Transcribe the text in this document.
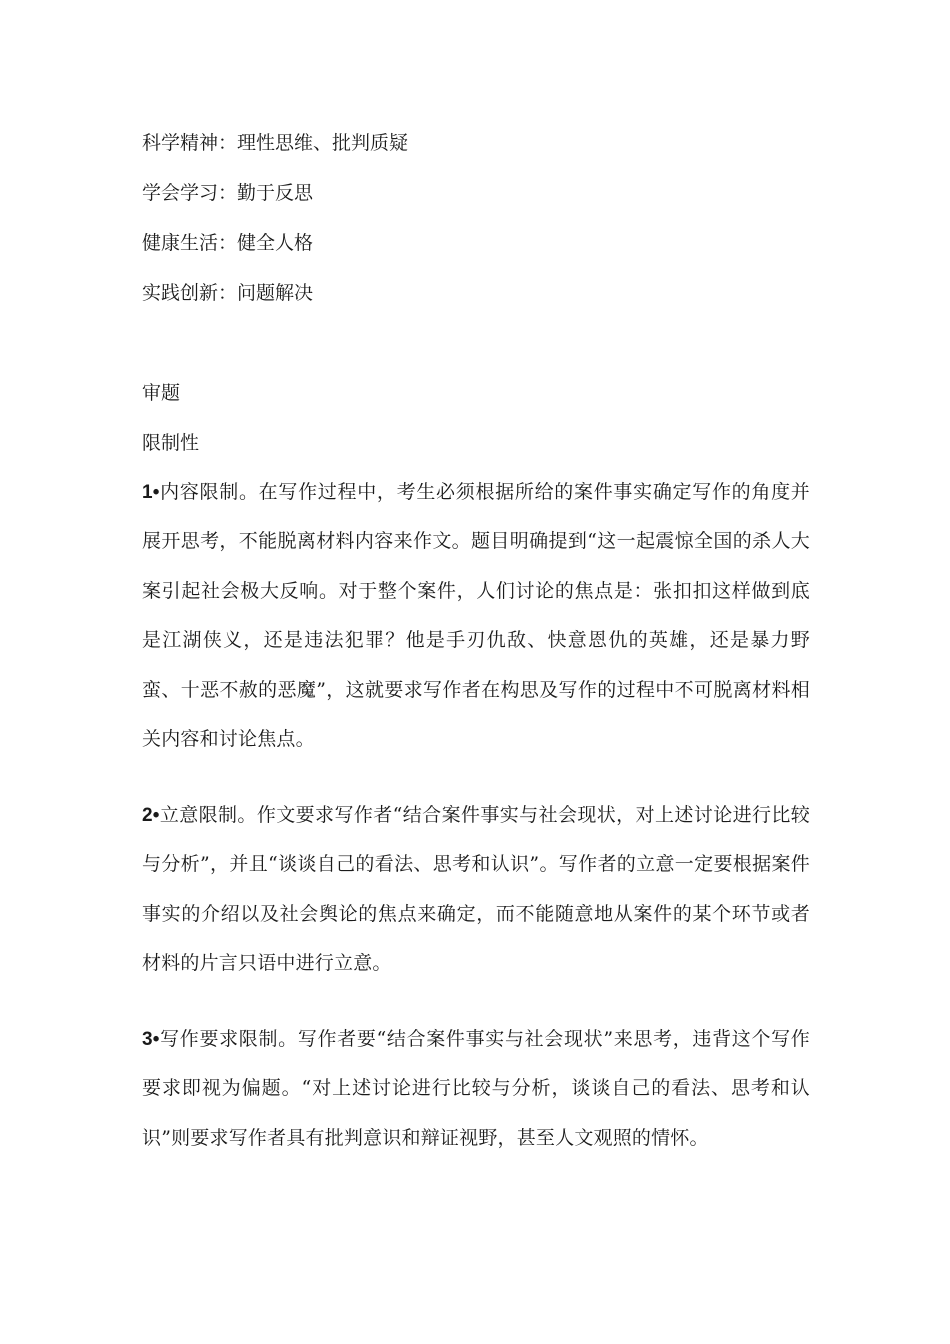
科学精神：理性思维、批判质疑
学会学习：勤于反思
健康生活：健全人格
实践创新：问题解决
审题
限制性
1•内容限制。在写作过程中，考生必须根据所给的案件事实确定写作的角度并展开思考，不能脱离材料内容来作文。题目明确提到“这一起震惊全国的杀人大案引起社会极大反响。对于整个案件，人们讨论的焦点是：张扣扣这样做到底是江湖侠义，还是违法犯罪？他是手刃仇敌、快意恩仇的英雄，还是暴力野蛮、十恶不赦的恶魔”，这就要求写作者在构思及写作的过程中不可脱离材料相关内容和讨论焦点。
2•立意限制。作文要求写作者“结合案件事实与社会现状，对上述讨论进行比较与分析”，并且“谈谈自己的看法、思考和认识”。写作者的立意一定要根据案件事实的介绍以及社会舆论的焦点来确定，而不能随意地从案件的某个环节或者材料的片言只语中进行立意。
3•写作要求限制。写作者要“结合案件事实与社会现状”来思考，违背这个写作要求即视为偏题。“对上述讨论进行比较与分析，谈谈自己的看法、思考和认识”则要求写作者具有批判意识和辩证视野，甚至人文观照的情怀。
